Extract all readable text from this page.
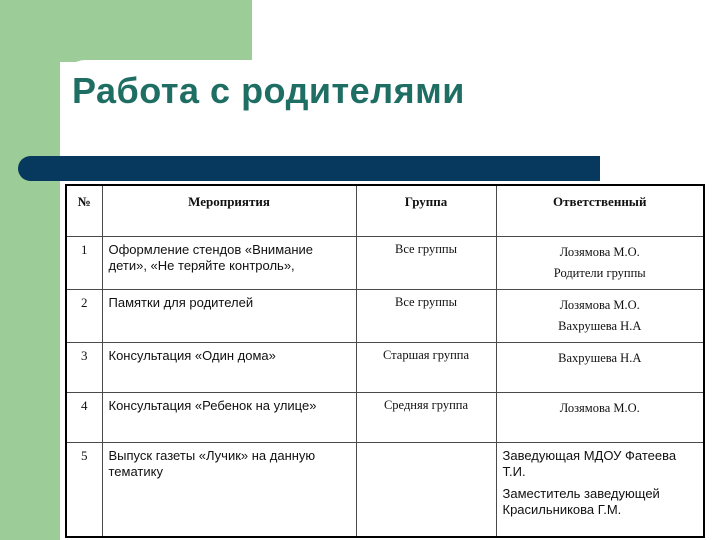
Работа с родителями
№	Мероприятия	Группа	Ответственный
1	Оформление стендов «Внимание дети», «Не теряйте контроль»,	Все группы	Лозямова М.О.
Родители группы

2	Памятки для родителей	Все группы	Лозямова М.О.
Вахрушева Н.А

3	Консультация «Один дома»	Старшая группа	Вахрушева Н.А

4	Консультация «Ребенок на улице»	Средняя группа	Лозямова М.О.

5	Выпуск газеты «Лучик» на данную тематику		Заведующая МДОУ Фатеева Т.И.

Заместитель заведующей Красильникова Г.М.
